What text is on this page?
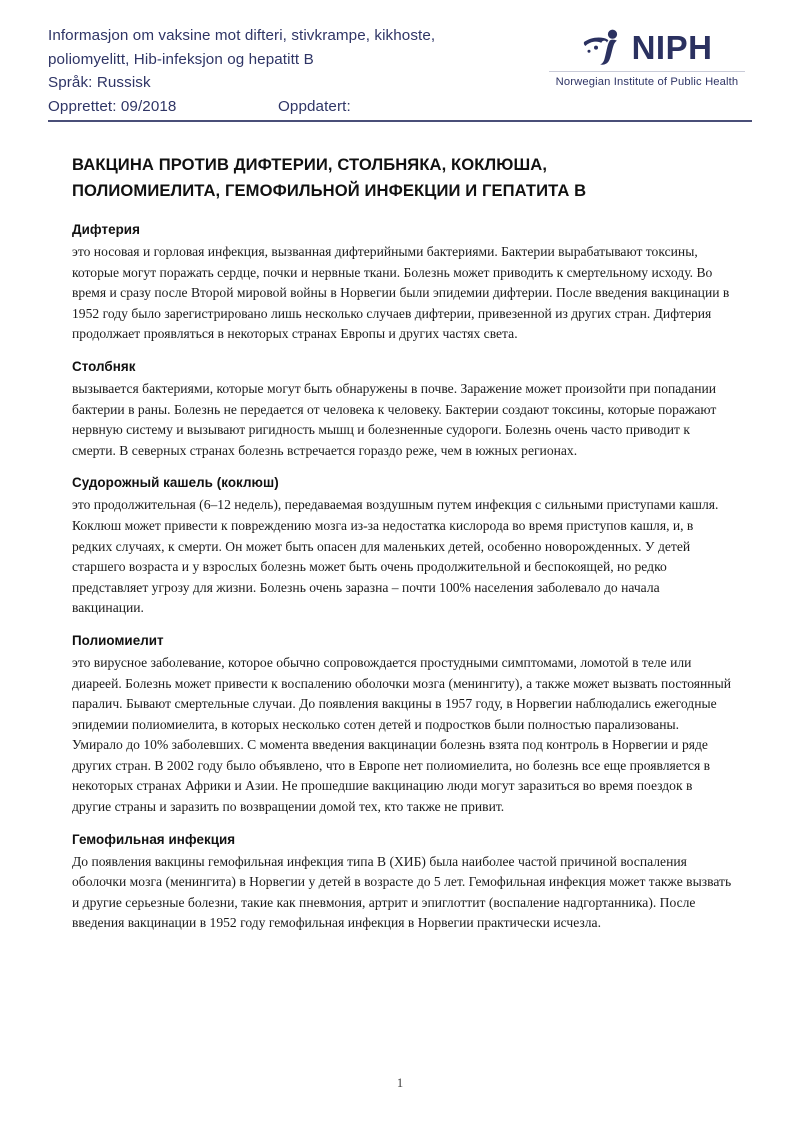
Informasjon om vaksine mot difteri, stivkrampe, kikhoste,
poliomyelitt, Hib-infeksjon og hepatitt B
Språk: Russisk
Opprettet: 09/2018	Oppdatert:
NIPH
Norwegian Institute of Public Health
ВАКЦИНА ПРОТИВ ДИФТЕРИИ, СТОЛБНЯКА, КОКЛЮША, ПОЛИОМИЕЛИТА, ГЕМОФИЛЬНОЙ ИНФЕКЦИИ И ГЕПАТИТА В
Дифтерия

это носовая и горловая инфекция, вызванная дифтерийными бактериями. Бактерии вырабатывают токсины, которые могут поражать сердце, почки и нервные ткани. Болезнь может приводить к смертельному исходу. Во время и сразу после Второй мировой войны в Норвегии были эпидемии дифтерии. После введения вакцинации в 1952 году было зарегистрировано лишь несколько случаев дифтерии, привезенной из других стран. Дифтерия продолжает проявляться в некоторых странах Европы и других частях света.

Столбняк

вызывается бактериями, которые могут быть обнаружены в почве. Заражение может произойти при попадании бактерии в раны. Болезнь не передается от человека к человеку. Бактерии создают токсины, которые поражают нервную систему и вызывают ригидность мышц и болезненные судороги. Болезнь очень часто приводит к смерти. В северных странах болезнь встречается гораздо реже, чем в южных регионах.

Судорожный кашель (коклюш)

это продолжительная (6–12 недель), передаваемая воздушным путем инфекция с сильными приступами кашля. Коклюш может привести к повреждению мозга из-за недостатка кислорода во время приступов кашля, и, в редких случаях, к смерти. Он может быть опасен для маленьких детей, особенно новорожденных. У детей старшего возраста и у взрослых болезнь может быть очень продолжительной и беспокоящей, но редко представляет угрозу для жизни. Болезнь очень заразна – почти 100% населения заболевало до начала вакцинации.

Полиомиелит

это вирусное заболевание, которое обычно сопровождается простудными симптомами, ломотой в теле или диареей. Болезнь может привести к воспалению оболочки мозга (менингиту), а также может вызвать постоянный паралич. Бывают смертельные случаи. До появления вакцины в 1957 году, в Норвегии наблюдались ежегодные эпидемии полиомиелита, в которых несколько сотен детей и подростков были полностью парализованы. Умирало до 10% заболевших. С момента введения вакцинации болезнь взята под контроль в Норвегии и ряде других стран. В 2002 году было объявлено, что в Европе нет полиомиелита, но болезнь все еще проявляется в некоторых странах Африки и Азии. Не прошедшие вакцинацию люди могут заразиться во время поездок в другие страны и заразить по возвращении домой тех, кто также не привит.

Гемофильная инфекция

До появления вакцины гемофильная инфекция типа В (ХИБ) была наиболее частой причиной воспаления оболочки мозга (менингита) в Норвегии у детей в возрасте до 5 лет. Гемофильная инфекция может также вызвать и другие серьезные болезни, такие как пневмония, артрит и эпиглоттит (воспаление надгортанника). После введения вакцинации в 1952 году гемофильная инфекция в Норвегии практически исчезла.

1
